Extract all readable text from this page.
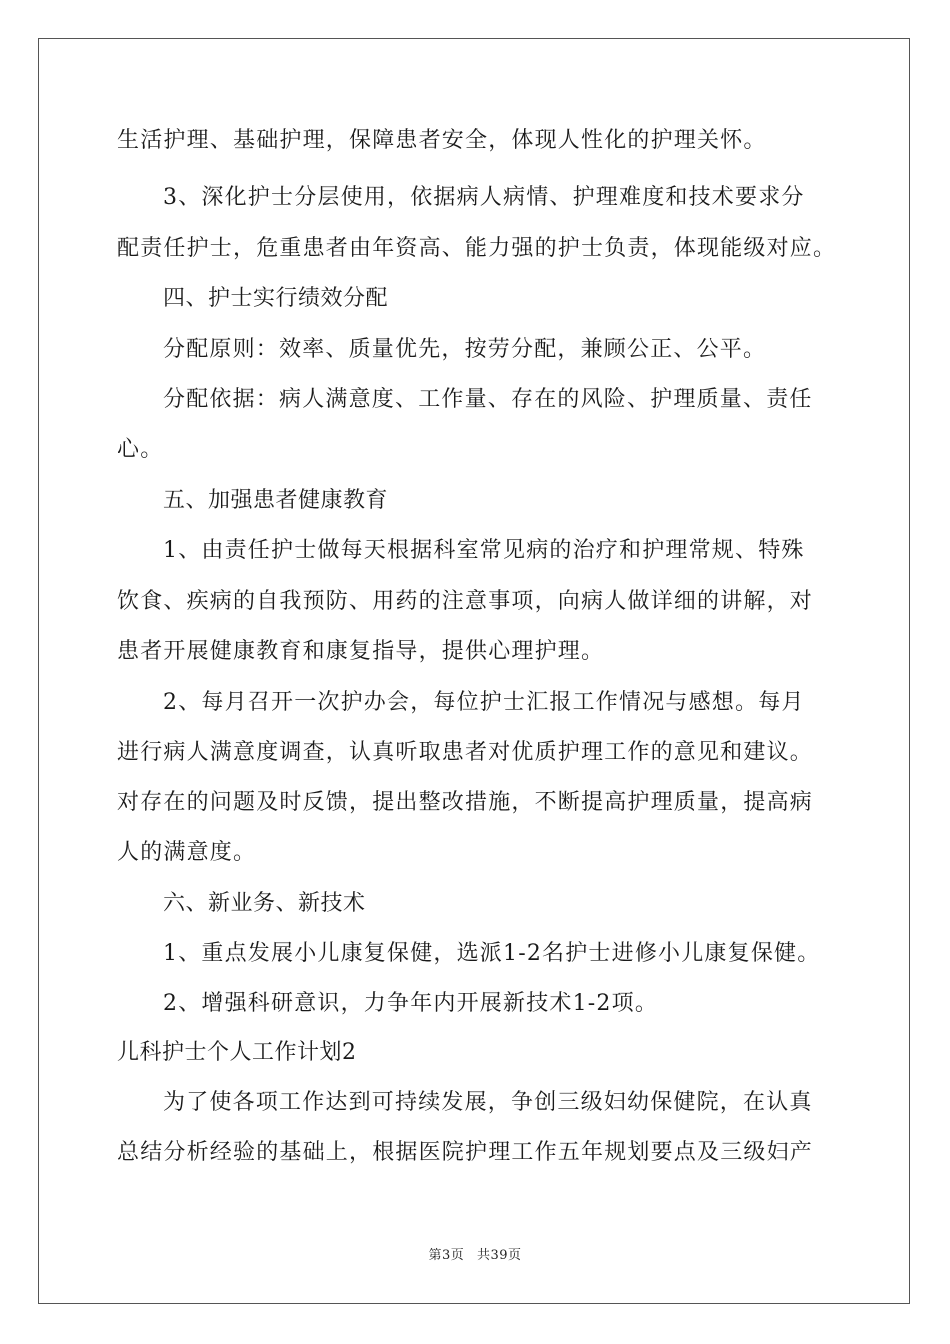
生活护理、基础护理，保障患者安全，体现人性化的护理关怀。
3、深化护士分层使用，依据病人病情、护理难度和技术要求分
配责任护士，危重患者由年资高、能力强的护士负责，体现能级对应。
四、护士实行绩效分配
分配原则：效率、质量优先，按劳分配，兼顾公正、公平。
分配依据：病人满意度、工作量、存在的风险、护理质量、责任
心。
五、加强患者健康教育
1、由责任护士做每天根据科室常见病的治疗和护理常规、特殊
饮食、疾病的自我预防、用药的注意事项，向病人做详细的讲解，对
患者开展健康教育和康复指导，提供心理护理。
2、每月召开一次护办会，每位护士汇报工作情况与感想。每月
进行病人满意度调查，认真听取患者对优质护理工作的意见和建议。
对存在的问题及时反馈，提出整改措施，不断提高护理质量，提高病
人的满意度。
六、新业务、新技术
1、重点发展小儿康复保健，选派1-2名护士进修小儿康复保健。
2、增强科研意识，力争年内开展新技术1-2项。
儿科护士个人工作计划2
为了使各项工作达到可持续发展，争创三级妇幼保健院，在认真
总结分析经验的基础上，根据医院护理工作五年规划要点及三级妇产
第3页 共39页
